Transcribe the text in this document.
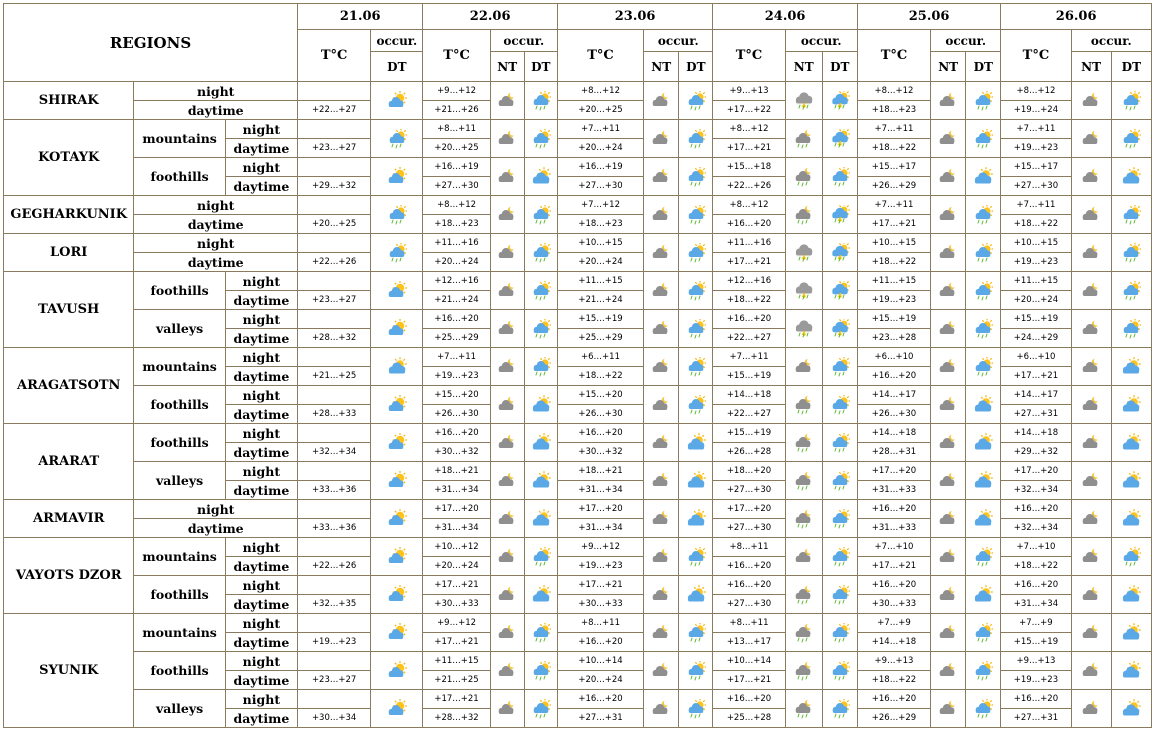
REGIONS			21.06		22.06			23.06			24.06			25.06			26.06		
			T°C	occur.	T°C	occur.		T°C	occur.		T°C	occur.		T°C	occur.		T°C	occur.	
				DT		NT	DT		NT	DT		NT	DT		NT	DT		NT	DT
SHIRAK	night				+9…+12			+8…+12			+9…+13			+8…+12			+8…+12		
	daytime		+22…+27		+21…+26			+20…+25			+17…+22			+18…+23			+19…+24		
KOTAYK	mountains	night			+8…+11			+7…+11			+8…+12			+7…+11			+7…+11		
		daytime	+23…+27		+20…+25			+20…+24			+17…+21			+18…+22			+19…+23		
	foothills	night			+16…+19			+16…+19			+15…+18			+15…+17			+15…+17		
		daytime	+29…+32		+27…+30			+27…+30			+22…+26			+26…+29			+27…+30		
GEGHARKUNIK	night				+8…+12			+7…+12			+8…+12			+7…+11			+7…+11		
	daytime		+20…+25		+18…+23			+18…+23			+16…+20			+17…+21			+18…+22		
LORI	night				+11…+16			+10…+15			+11…+16			+10…+15			+10…+15		
	daytime		+22…+26		+20…+24			+20…+24			+17…+21			+18…+22			+19…+23		
TAVUSH	foothills	night			+12…+16			+11…+15			+12…+16			+11…+15			+11…+15		
		daytime	+23…+27		+21…+24			+21…+24			+18…+22			+19…+23			+20…+24		
	valleys	night			+16…+20			+15…+19			+16…+20			+15…+19			+15…+19		
		daytime	+28…+32		+25…+29			+25…+29			+22…+27			+23…+28			+24…+29		
ARAGATSOTN	mountains	night			+7…+11			+6…+11			+7…+11			+6…+10			+6…+10		
		daytime	+21…+25		+19…+23			+18…+22			+15…+19			+16…+20			+17…+21		
	foothills	night			+15…+20			+15…+20			+14…+18			+14…+17			+14…+17		
		daytime	+28…+33		+26…+30			+26…+30			+22…+27			+26…+30			+27…+31		
ARARAT	foothills	night			+16…+20			+16…+20			+15…+19			+14…+18			+14…+18		
		daytime	+32…+34		+30…+32			+30…+32			+26…+28			+28…+31			+29…+32		
	valleys	night			+18…+21			+18…+21			+18…+20			+17…+20			+17…+20		
		daytime	+33…+36		+31…+34			+31…+34			+27…+30			+31…+33			+32…+34		
ARMAVIR	night				+17…+20			+17…+20			+17…+20			+16…+20			+16…+20		
	daytime		+33…+36		+31…+34			+31…+34			+27…+30			+31…+33			+32…+34		
VAYOTS DZOR	mountains	night			+10…+12			+9…+12			+8…+11			+7…+10			+7…+10		
		daytime	+22…+26		+20…+24			+19…+23			+16…+20			+17…+21			+18…+22		
	foothills	night			+17…+21			+17…+21			+16…+20			+16…+20			+16…+20		
		daytime	+32…+35		+30…+33			+30…+33			+27…+30			+30…+33			+31…+34		
SYUNIK	mountains	night			+9…+12			+8…+11			+8…+11			+7…+9			+7…+9		
		daytime	+19…+23		+17…+21			+16…+20			+13…+17			+14…+18			+15…+19		
	foothills	night			+11…+15			+10…+14			+10…+14			+9…+13			+9…+13		
		daytime	+23…+27		+21…+25			+20…+24			+17…+21			+18…+22			+19…+23		
	valleys	night			+17…+21			+16…+20			+16…+20			+16…+20			+16…+20		
		daytime	+30…+34		+28…+32			+27…+31			+25…+28			+26…+29			+27…+31		
